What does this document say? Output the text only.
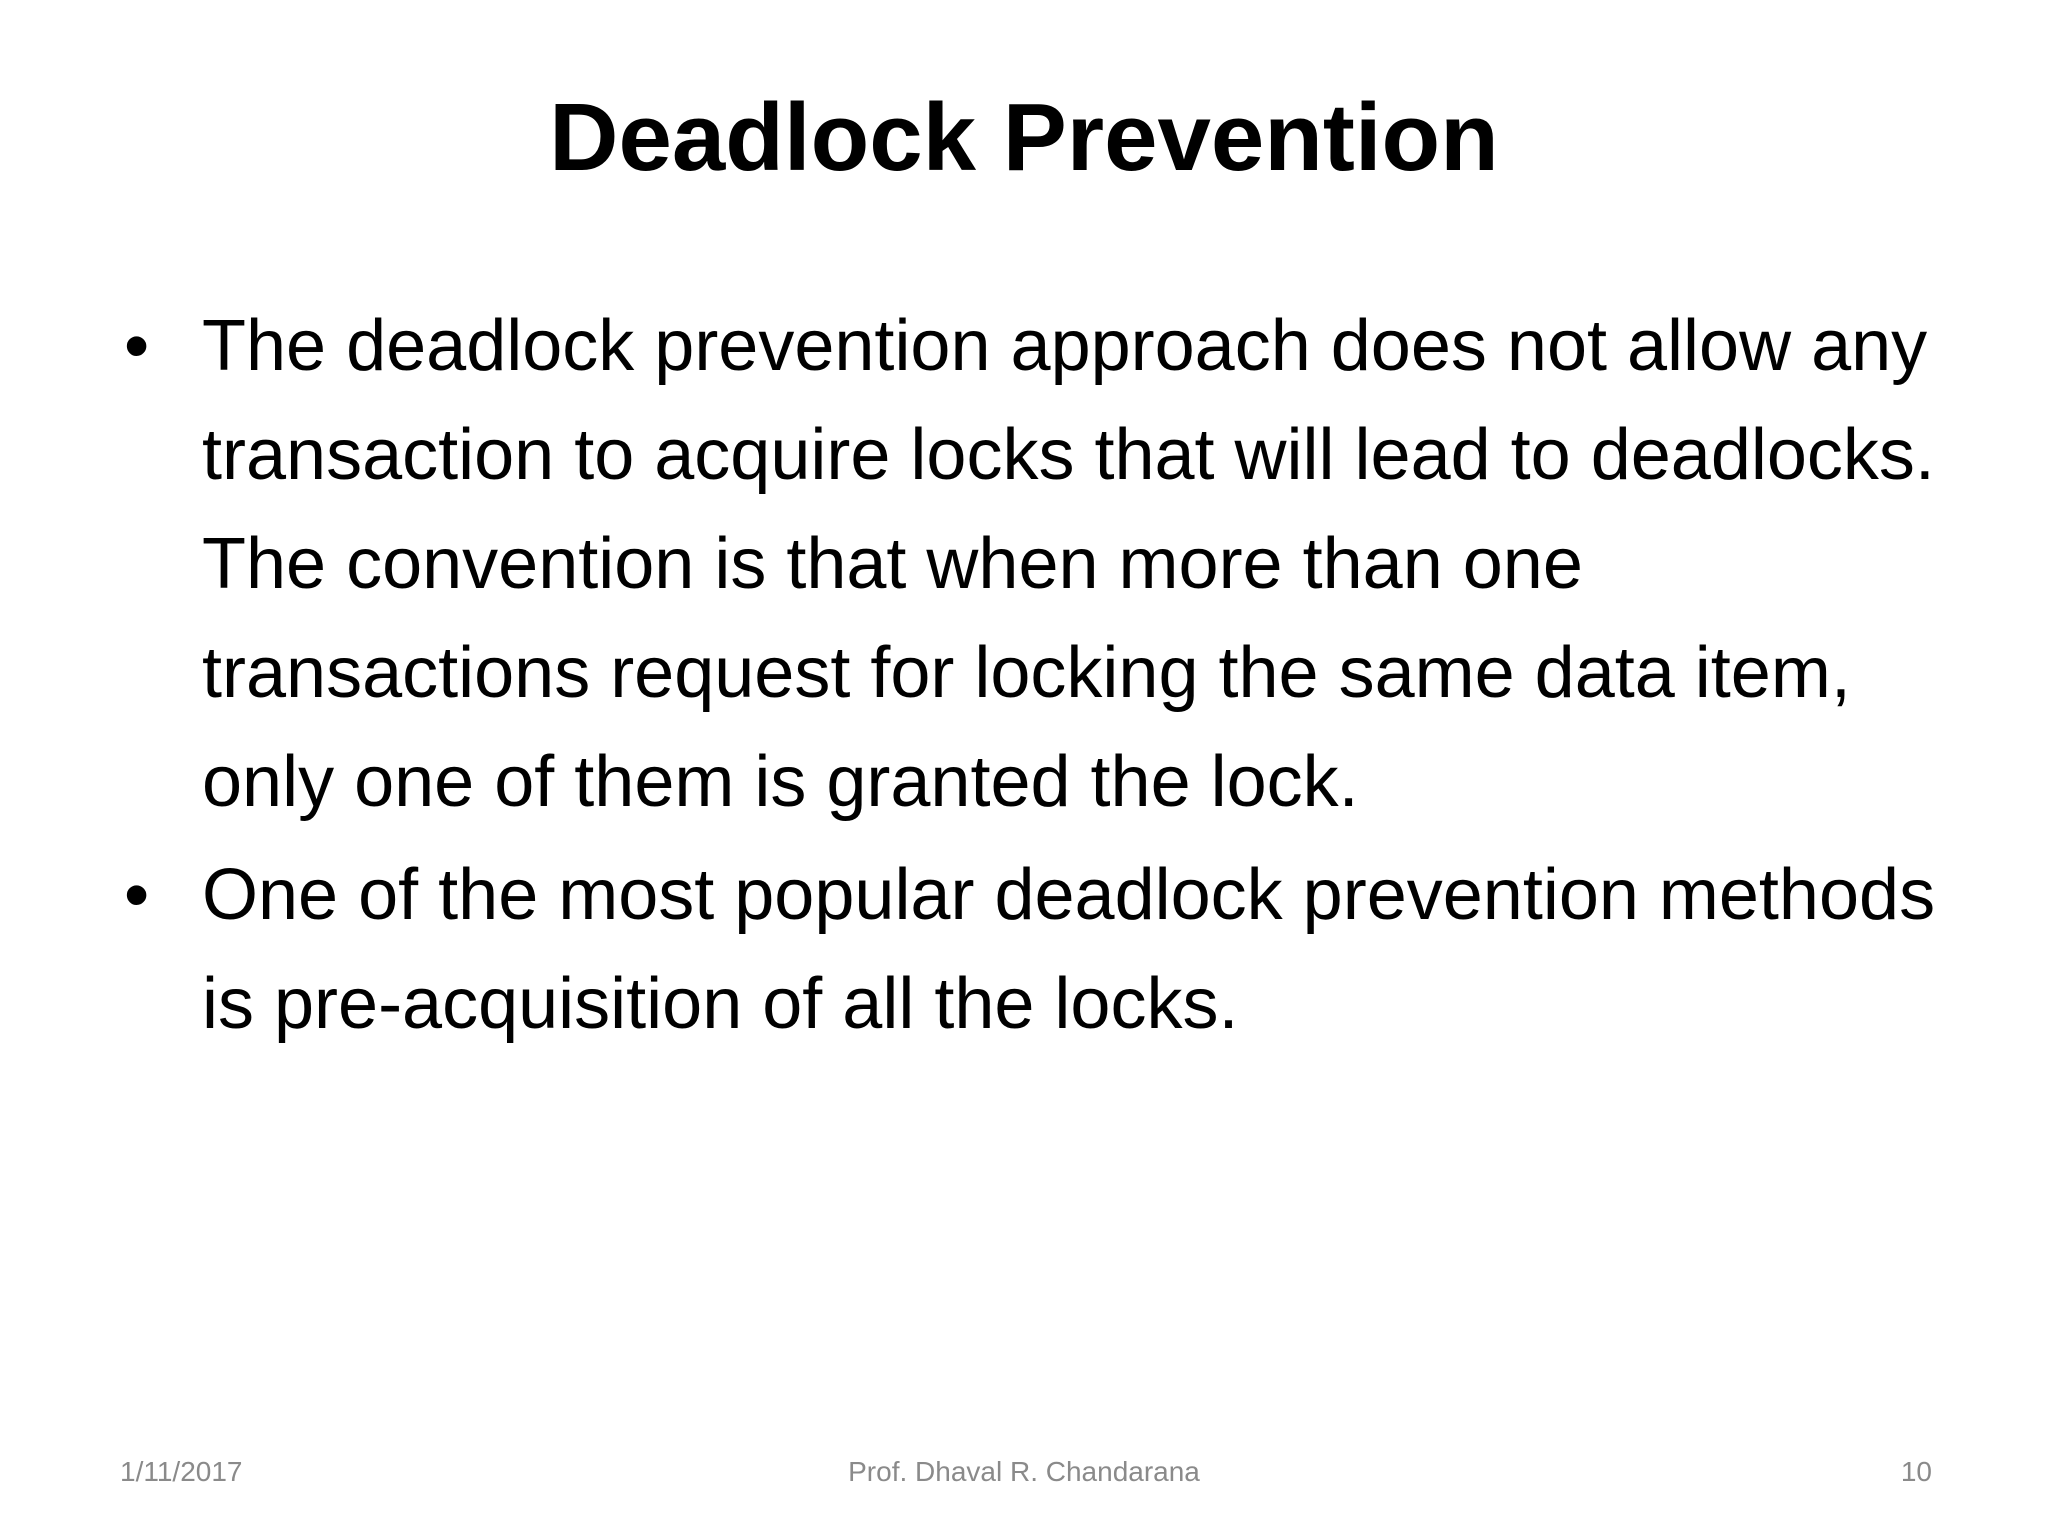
Deadlock Prevention
• The deadlock prevention approach does not allow any transaction to acquire locks that will lead to deadlocks. The convention is that when more than one transactions request for locking the same data item, only one of them is granted the lock.
• One of the most popular deadlock prevention methods is pre-acquisition of all the locks.
1/11/2017	Prof. Dhaval R. Chandarana	10
